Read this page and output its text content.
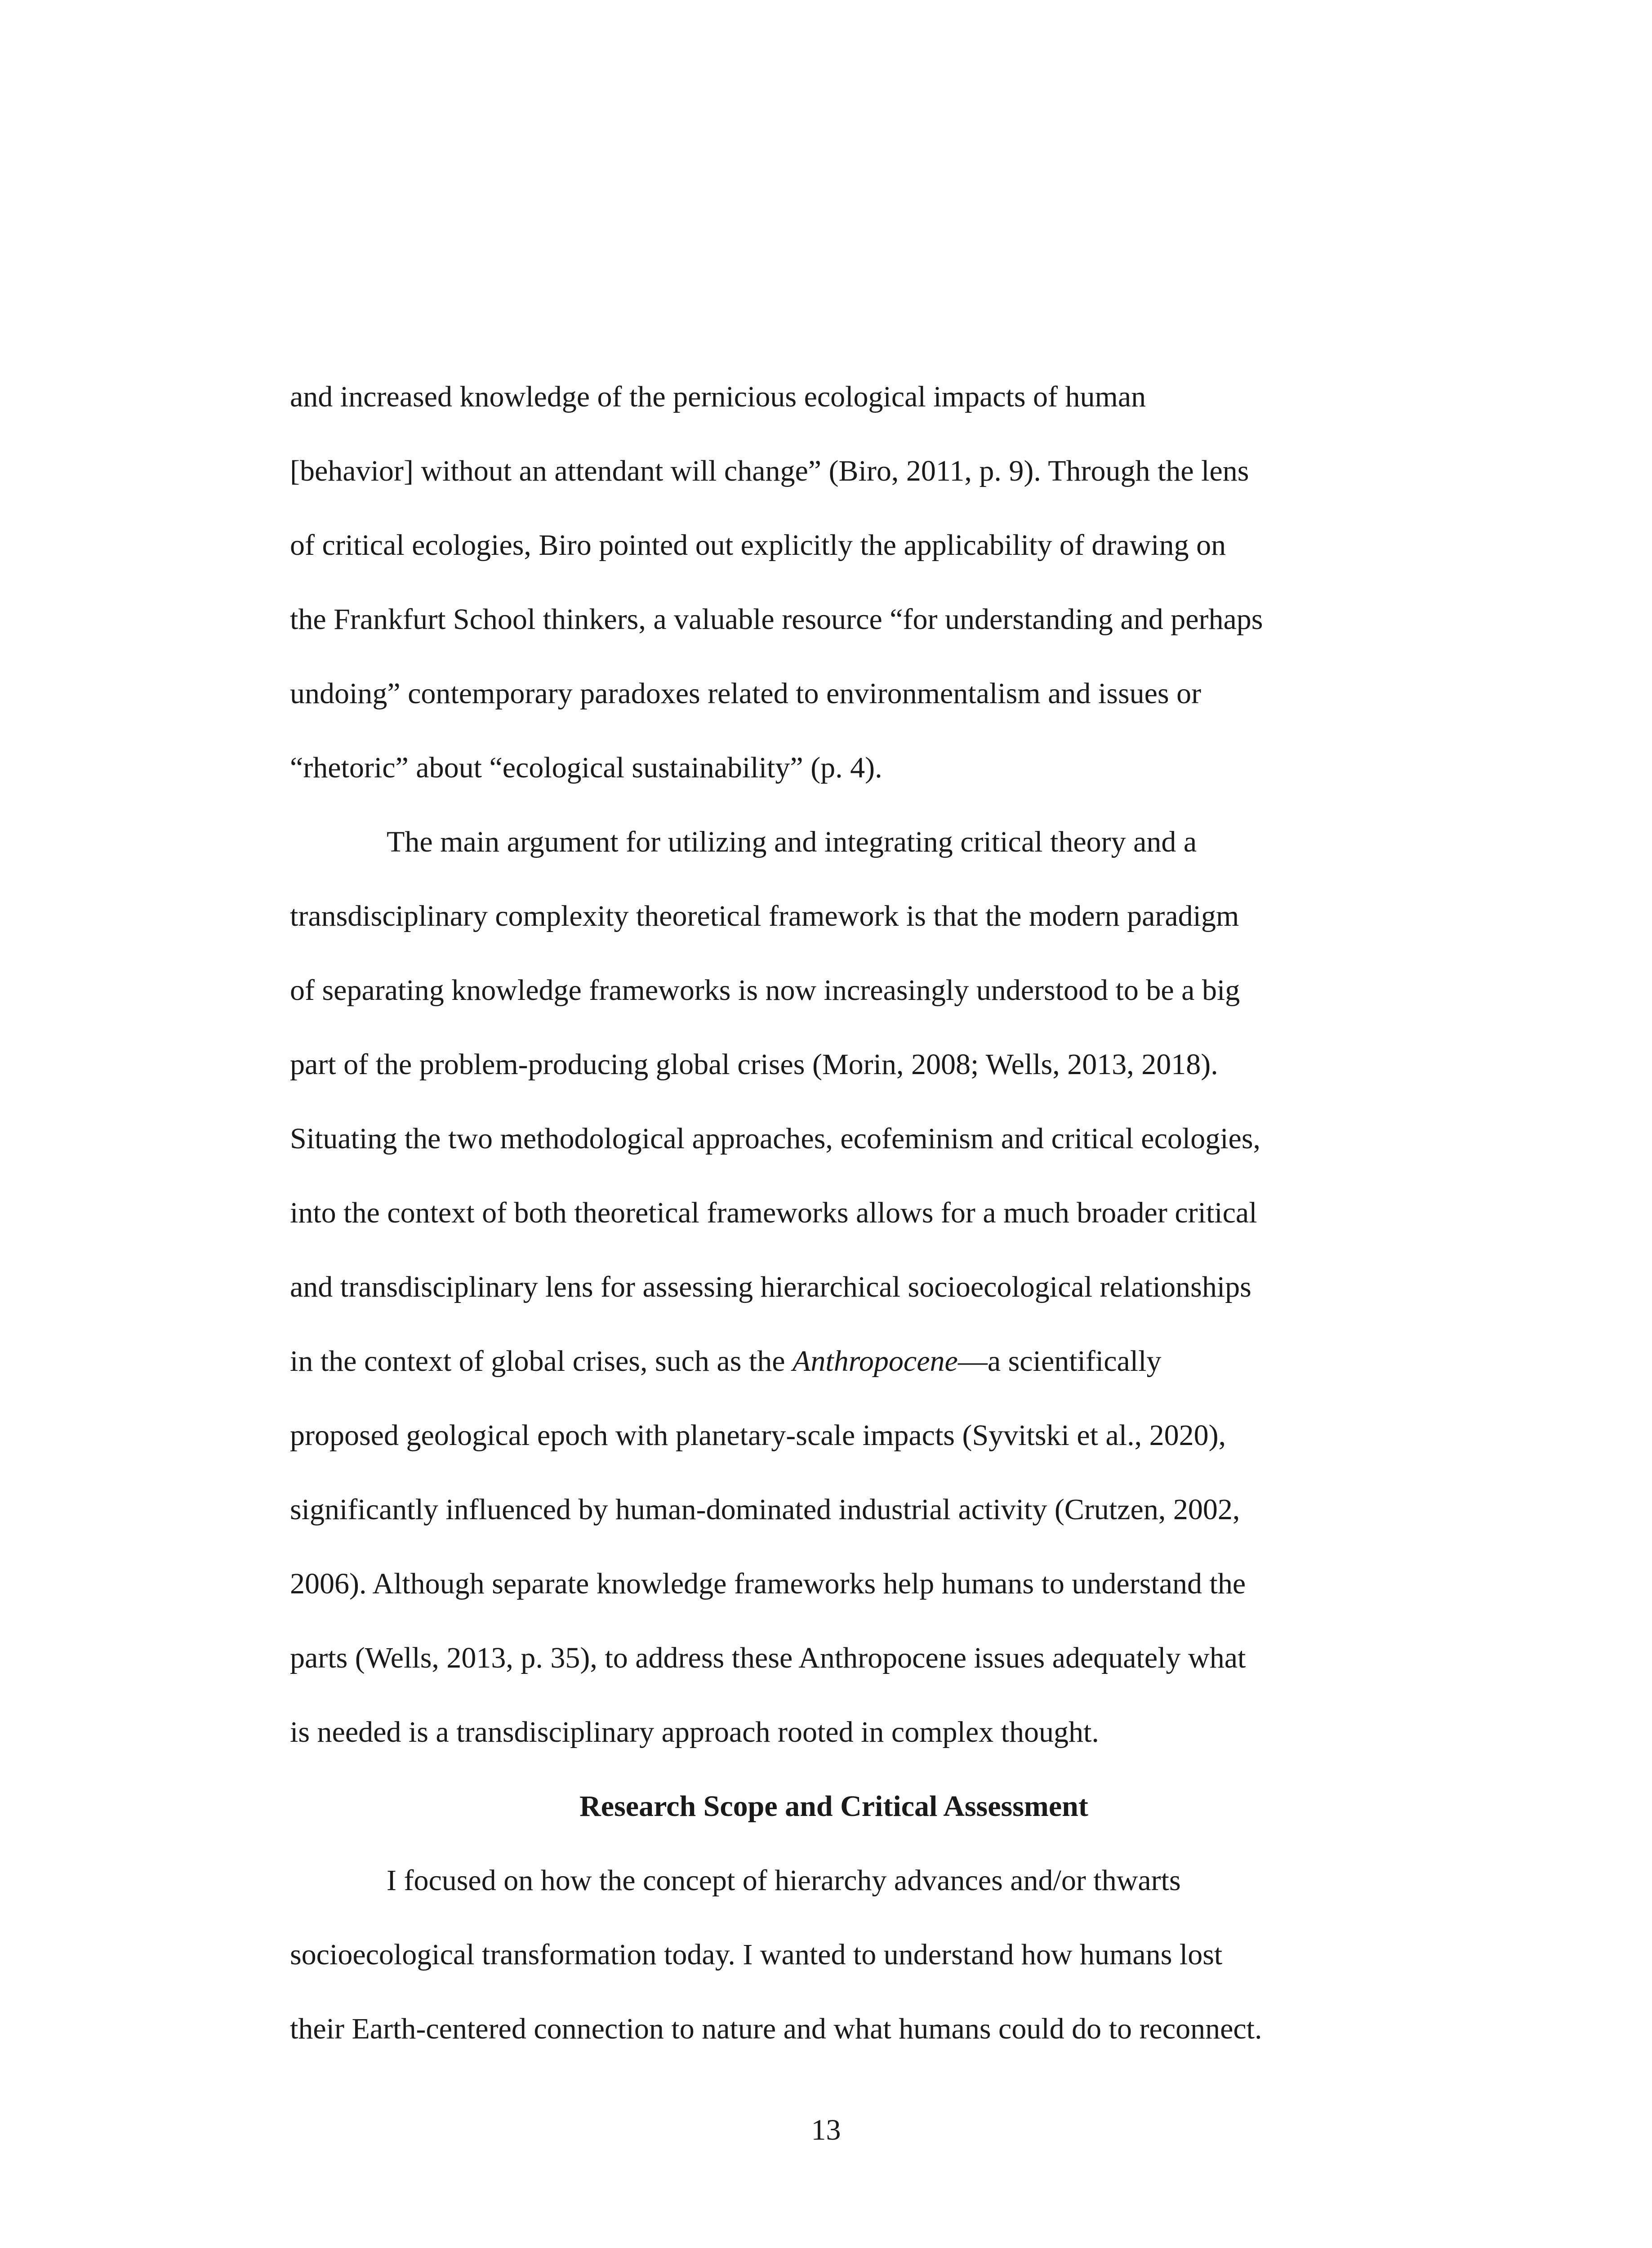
and increased knowledge of the pernicious ecological impacts of human
[behavior] without an attendant will change” (Biro, 2011, p. 9). Through the lens
of critical ecologies, Biro pointed out explicitly the applicability of drawing on
the Frankfurt School thinkers, a valuable resource “for understanding and perhaps
undoing” contemporary paradoxes related to environmentalism and issues or
“rhetoric” about “ecological sustainability” (p. 4).
The main argument for utilizing and integrating critical theory and a
transdisciplinary complexity theoretical framework is that the modern paradigm
of separating knowledge frameworks is now increasingly understood to be a big
part of the problem-producing global crises (Morin, 2008; Wells, 2013, 2018).
Situating the two methodological approaches, ecofeminism and critical ecologies,
into the context of both theoretical frameworks allows for a much broader critical
and transdisciplinary lens for assessing hierarchical socioecological relationships
in the context of global crises, such as the Anthropocene—a scientifically
proposed geological epoch with planetary-scale impacts (Syvitski et al., 2020),
significantly influenced by human-dominated industrial activity (Crutzen, 2002,
2006). Although separate knowledge frameworks help humans to understand the
parts (Wells, 2013, p. 35), to address these Anthropocene issues adequately what
is needed is a transdisciplinary approach rooted in complex thought.
Research Scope and Critical Assessment
I focused on how the concept of hierarchy advances and/or thwarts
socioecological transformation today. I wanted to understand how humans lost
their Earth-centered connection to nature and what humans could do to reconnect.
13
